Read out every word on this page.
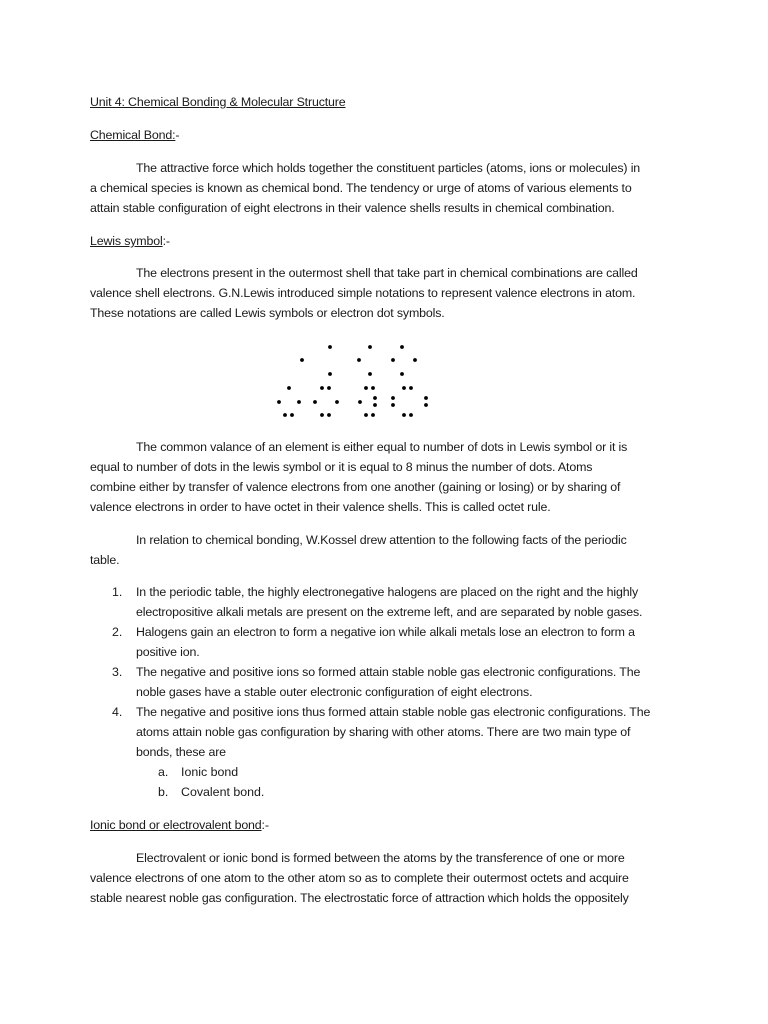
Unit 4: Chemical Bonding & Molecular Structure
Chemical Bond:-
The attractive force which holds together the constituent particles (atoms, ions or molecules) in
a chemical species is known as chemical bond. The tendency or urge of atoms of various elements to
attain stable configuration of eight electrons in their valence shells results in chemical combination.
Lewis symbol:-
The electrons present in the outermost shell that take part in chemical combinations are called
valence shell electrons. G.N.Lewis introduced simple notations to represent valence electrons in atom.
These notations are called Lewis symbols or electron dot symbols.
The common valance of an element is either equal to number of dots in Lewis symbol or it is
equal to number of dots in the lewis symbol or it is equal to 8 minus the number of dots. Atoms
combine either by transfer of valence electrons from one another (gaining or losing) or by sharing of
valence electrons in order to have octet in their valence shells. This is called octet rule.
In relation to chemical bonding, W.Kossel drew attention to the following facts of the periodic
table.
1. In the periodic table, the highly electronegative halogens are placed on the right and the highly
electropositive alkali metals are present on the extreme left, and are separated by noble gases.
2. Halogens gain an electron to form a negative ion while alkali metals lose an electron to form a
positive ion.
3. The negative and positive ions so formed attain stable noble gas electronic configurations. The
noble gases have a stable outer electronic configuration of eight electrons.
4. The negative and positive ions thus formed attain stable noble gas electronic configurations. The
atoms attain noble gas configuration by sharing with other atoms. There are two main type of
bonds, these are
a. Ionic bond
b. Covalent bond.
Ionic bond or electrovalent bond:-
Electrovalent or ionic bond is formed between the atoms by the transference of one or more
valence electrons of one atom to the other atom so as to complete their outermost octets and acquire
stable nearest noble gas configuration. The electrostatic force of attraction which holds the oppositely
